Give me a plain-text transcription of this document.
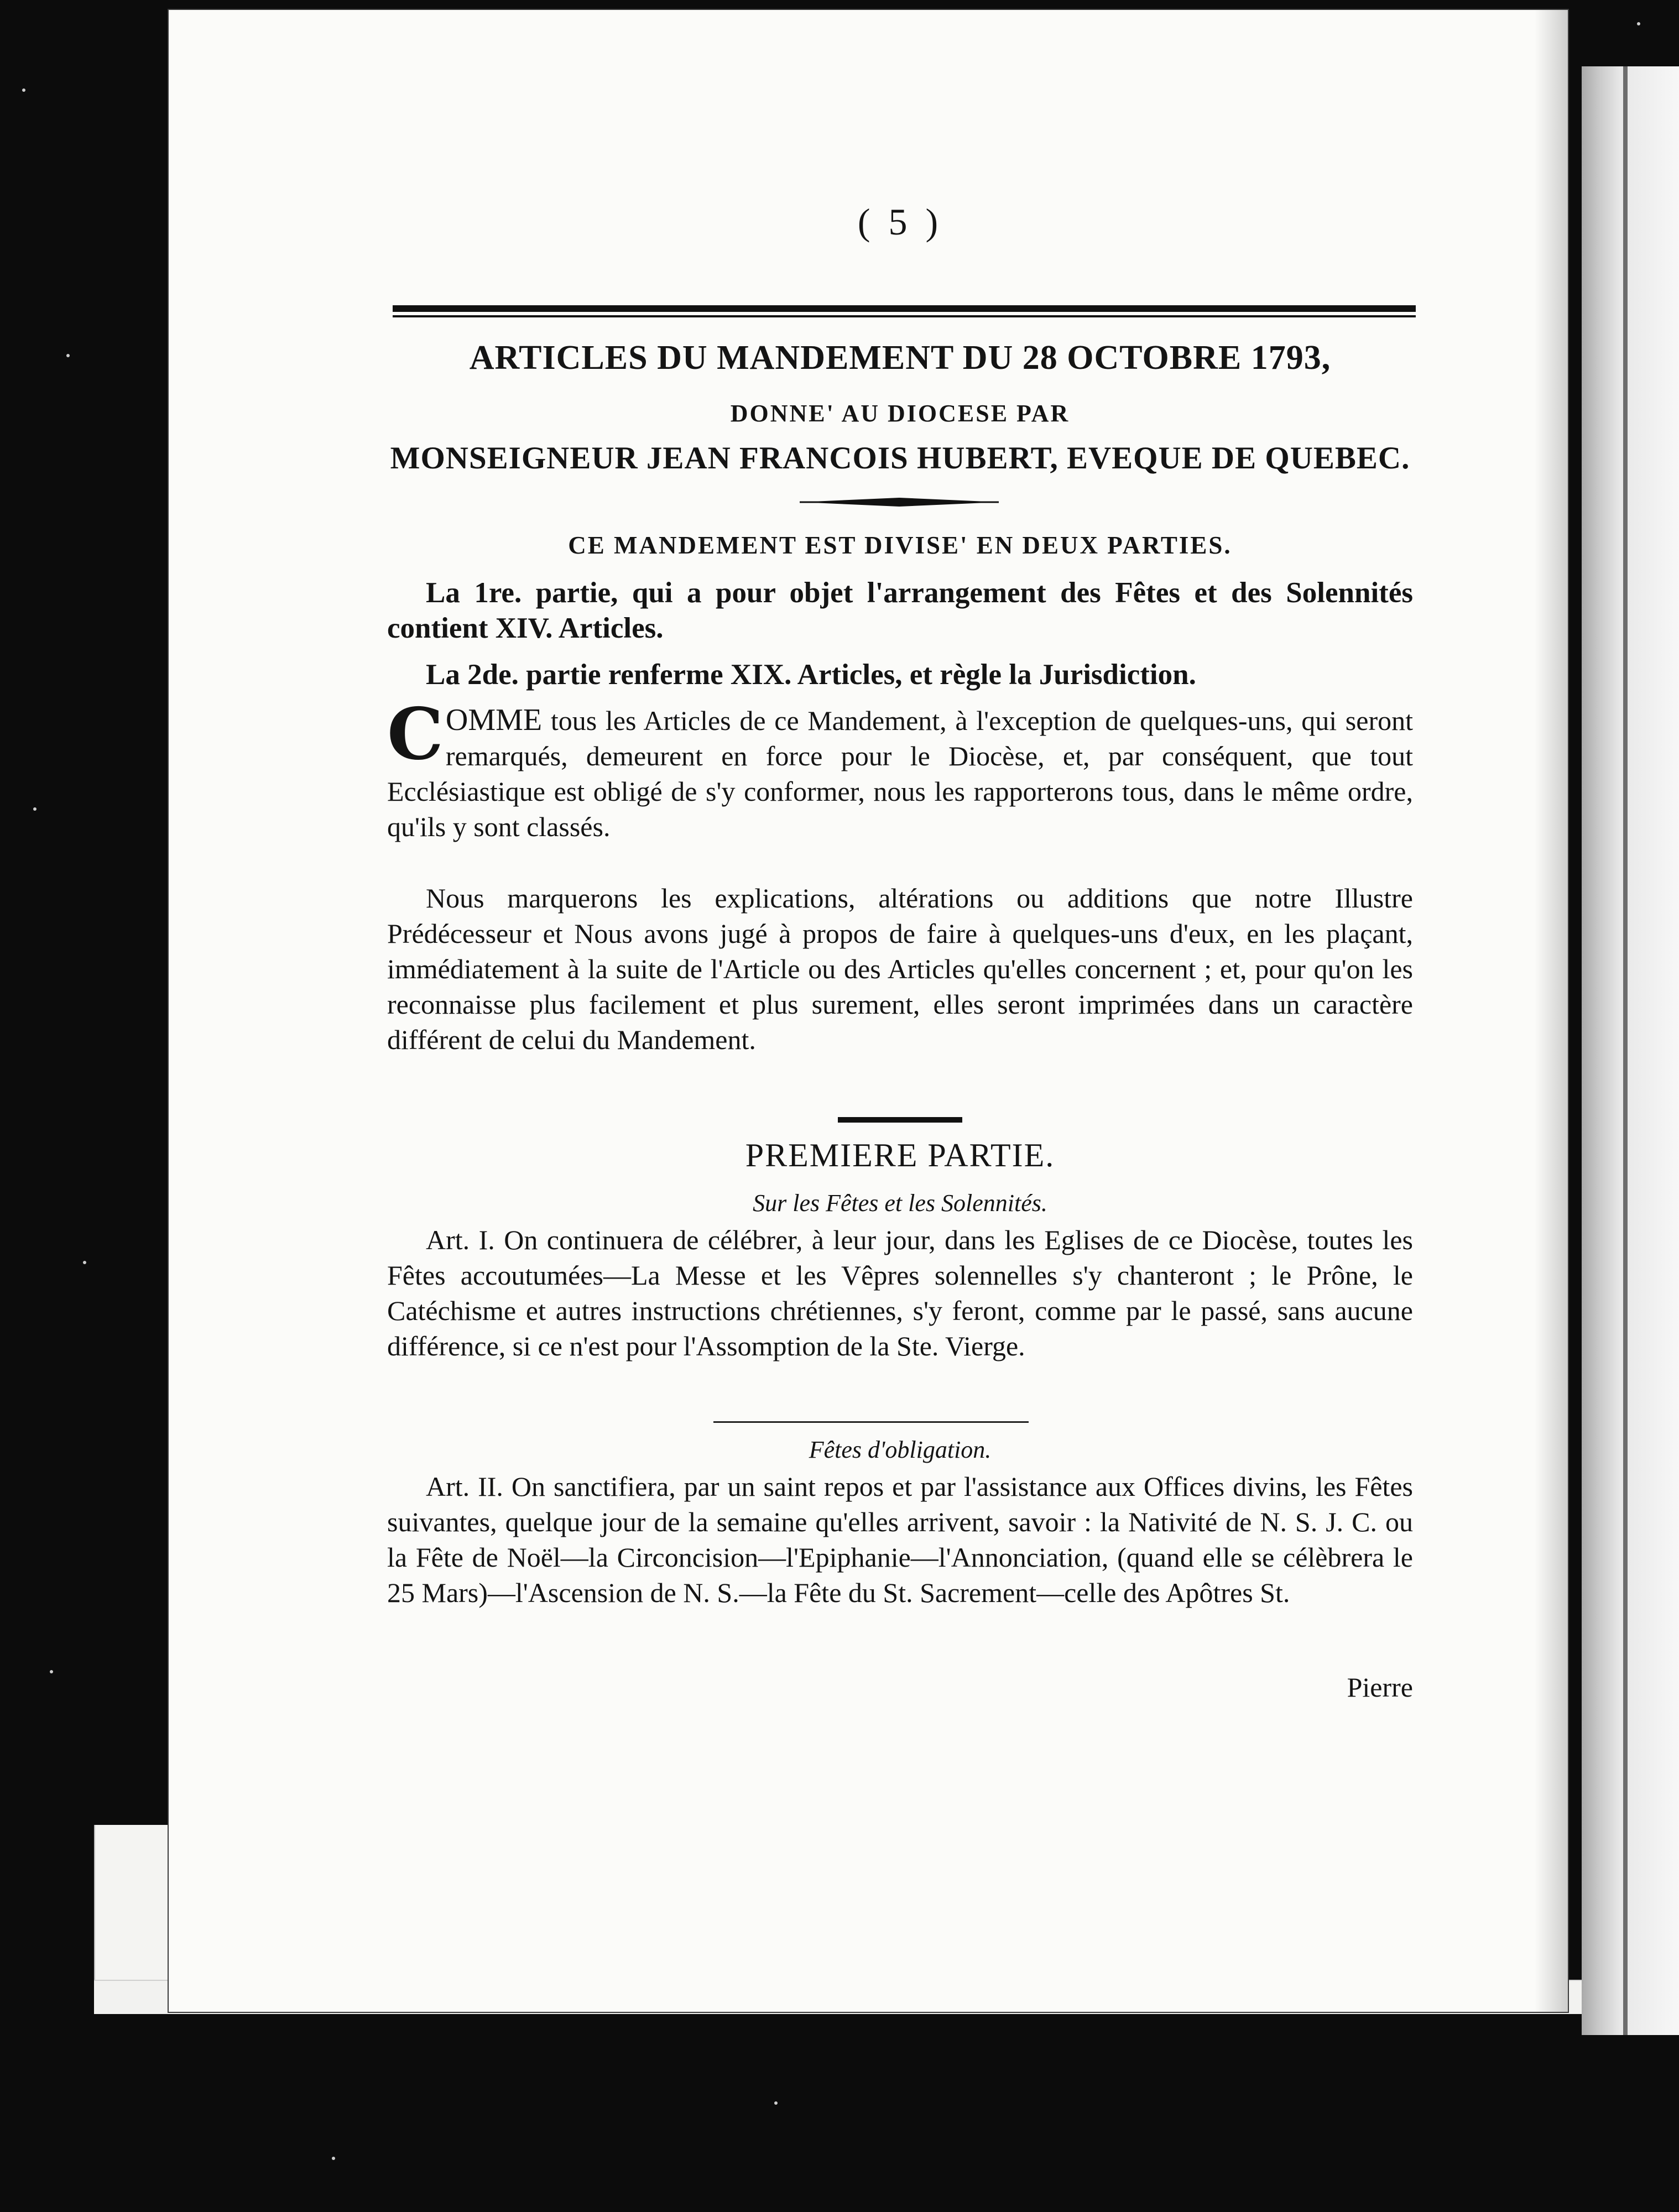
( 5 )
ARTICLES DU MANDEMENT DU 28 OCTOBRE 1793,
DONNE' AU DIOCESE PAR
MONSEIGNEUR JEAN FRANCOIS HUBERT, EVEQUE DE QUEBEC.
CE MANDEMENT EST DIVISE' EN DEUX PARTIES.
La 1re. partie, qui a pour objet l'arrangement des Fêtes et des Solennités contient XIV. Articles.
La 2de. partie renferme XIX. Articles, et règle la Jurisdiction.
COMME tous les Articles de ce Mandement, à l'exception de quelques-uns, qui seront remarqués, demeurent en force pour le Diocèse, et, par conséquent, que tout Ecclésiastique est obligé de s'y conformer, nous les rapporterons tous, dans le même ordre, qu'ils y sont classés.
Nous marquerons les explications, altérations ou additions que notre Illustre Prédécesseur et Nous avons jugé à propos de faire à quelques-uns d'eux, en les plaçant, immédiatement à la suite de l'Article ou des Articles qu'elles concernent ; et, pour qu'on les reconnaisse plus facilement et plus surement, elles seront imprimées dans un caractère différent de celui du Mandement.
PREMIERE PARTIE.
Sur les Fêtes et les Solennités.
Art. I. On continuera de célébrer, à leur jour, dans les Eglises de ce Diocèse, toutes les Fêtes accoutumées—La Messe et les Vêpres solennelles s'y chanteront ; le Prône, le Catéchisme et autres instructions chrétiennes, s'y feront, comme par le passé, sans aucune différence, si ce n'est pour l'Assomption de la Ste. Vierge.
Fêtes d'obligation.
Art. II. On sanctifiera, par un saint repos et par l'assistance aux Offices divins, les Fêtes suivantes, quelque jour de la semaine qu'elles arrivent, savoir : la Nativité de N. S. J. C. ou la Fête de Noël—la Circoncision—l'Epiphanie—l'Annonciation, (quand elle se célèbrera le 25 Mars)—l'Ascension de N. S.—la Fête du St. Sacrement—celle des Apôtres St.
Pierre
